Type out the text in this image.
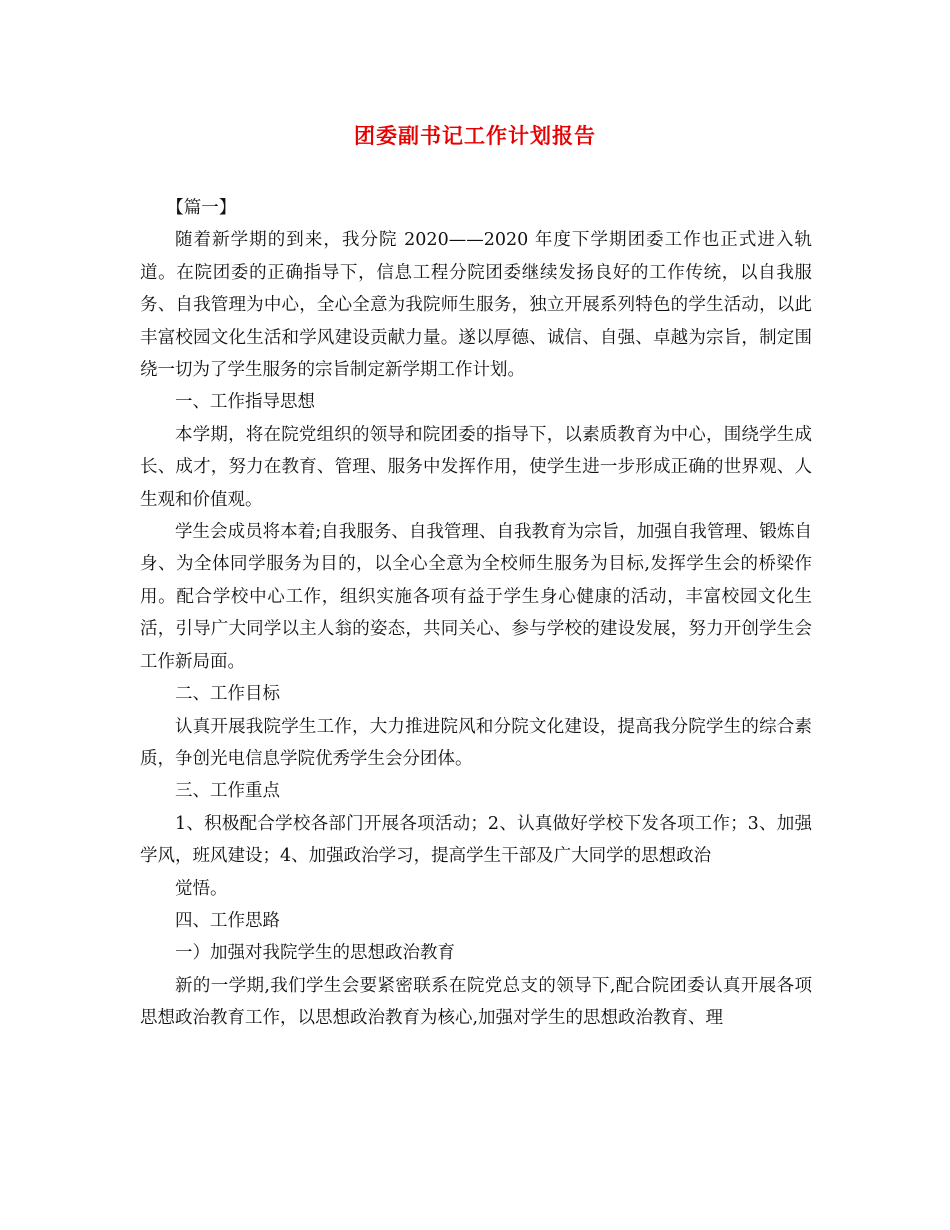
团委副书记工作计划报告

【篇一】

随着新学期的到来，我分院 2020——2020 年度下学期团委工作也正式进入轨道。在院团委的正确指导下，信息工程分院团委继续发扬良好的工作传统，以自我服务、自我管理为中心，全心全意为我院师生服务，独立开展系列特色的学生活动，以此丰富校园文化生活和学风建设贡献力量。遂以厚德、诚信、自强、卓越为宗旨，制定围绕一切为了学生服务的宗旨制定新学期工作计划。

一、工作指导思想

本学期，将在院党组织的领导和院团委的指导下，以素质教育为中心，围绕学生成长、成才，努力在教育、管理、服务中发挥作用，使学生进一步形成正确的世界观、人生观和价值观。

学生会成员将本着;自我服务、自我管理、自我教育为宗旨，加强自我管理、锻炼自身、为全体同学服务为目的，以全心全意为全校师生服务为目标,发挥学生会的桥梁作用。配合学校中心工作，组织实施各项有益于学生身心健康的活动，丰富校园文化生活，引导广大同学以主人翁的姿态，共同关心、参与学校的建设发展，努力开创学生会工作新局面。

二、工作目标

认真开展我院学生工作，大力推进院风和分院文化建设，提高我分院学生的综合素质，争创光电信息学院优秀学生会分团体。

三、工作重点

1、积极配合学校各部门开展各项活动；2、认真做好学校下发各项工作；3、加强学风，班风建设；4、加强政治学习，提高学生干部及广大同学的思想政治

觉悟。

四、工作思路

一）加强对我院学生的思想政治教育

新的一学期,我们学生会要紧密联系在院党总支的领导下,配合院团委认真开展各项思想政治教育工作，以思想政治教育为核心,加强对学生的思想政治教育、理
